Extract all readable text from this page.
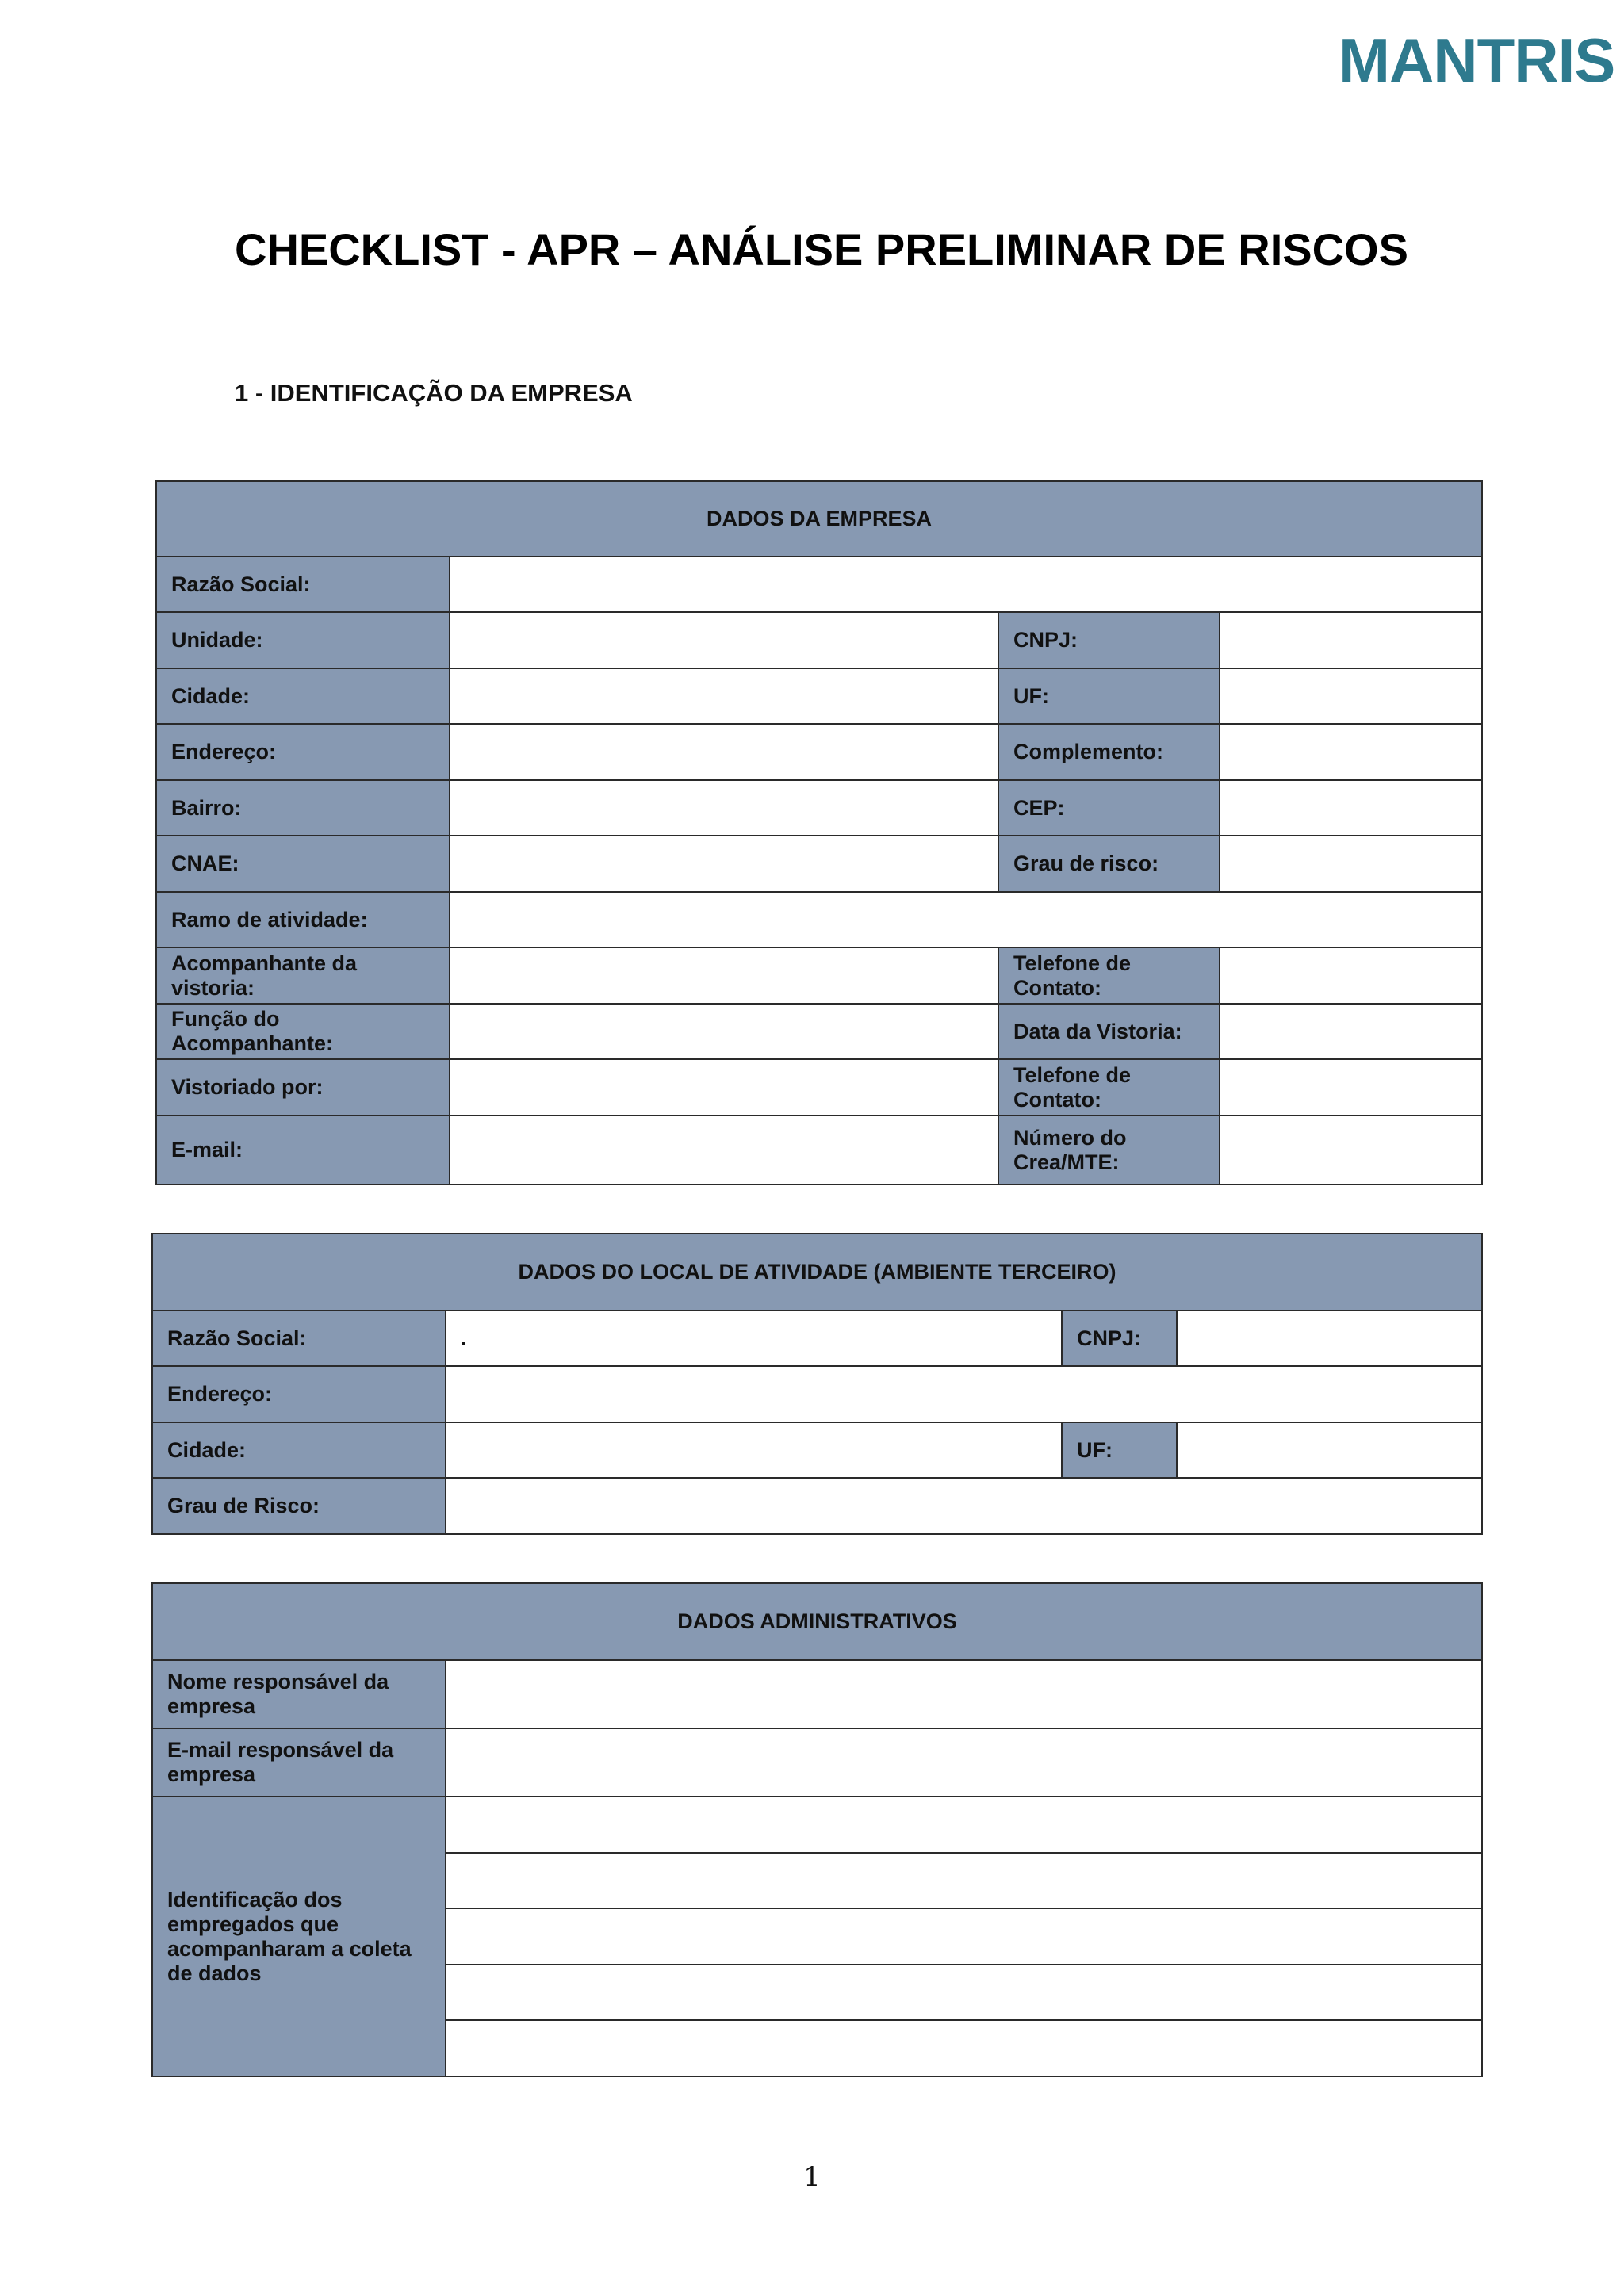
MANTRIS
CHECKLIST - APR – ANÁLISE PRELIMINAR DE RISCOS
1 - IDENTIFICAÇÃO DA EMPRESA
DADOS DA EMPRESA			
Razão Social:			
Unidade:		CNPJ:	
Cidade:		UF:	
Endereço:		Complemento:	
Bairro:		CEP:	
CNAE:		Grau de risco:	
Ramo de atividade:			
Acompanhante da vistoria:		Telefone de Contato:	
Função do Acompanhante:		Data da Vistoria:	
Vistoriado por:		Telefone de Contato:	
E-mail:		Número do Crea/MTE:	
DADOS DO LOCAL DE ATIVIDADE (AMBIENTE TERCEIRO)			
Razão Social:	.	CNPJ:	
Endereço:			
Cidade:		UF:	
Grau de Risco:			
DADOS ADMINISTRATIVOS	
Nome responsável da empresa	
E-mail responsável da empresa	
Identificação dos empregados que acompanharam a coleta de dados	

1
